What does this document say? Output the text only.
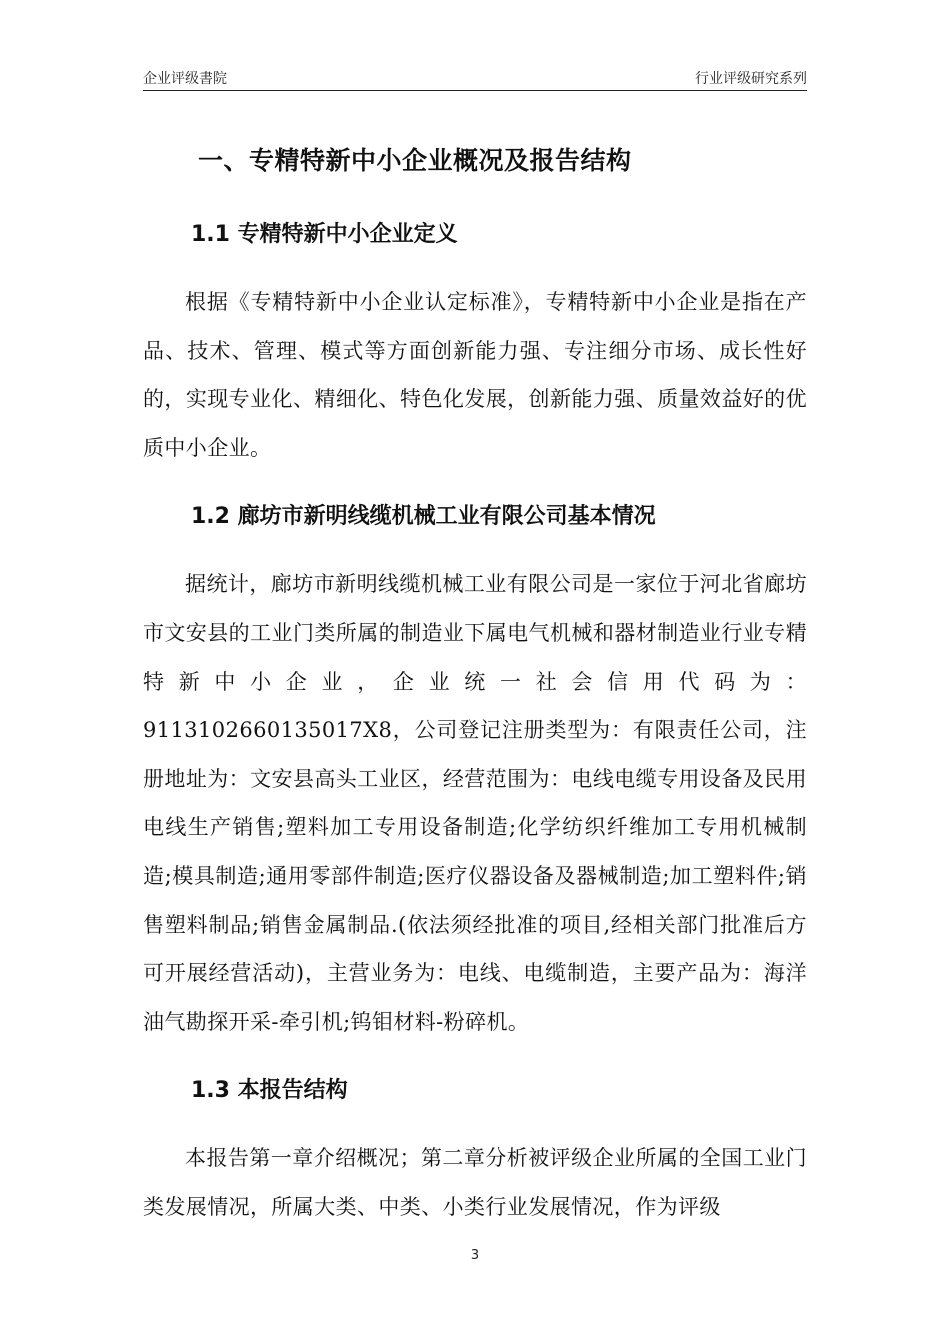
企业评级書院	行业评级研究系列
一、专精特新中小企业概况及报告结构
1.1 专精特新中小企业定义

根据《专精特新中小企业认定标准》，专精特新中小企业是指在产品、技术、管理、模式等方面创新能力强、专注细分市场、成长性好的，实现专业化、精细化、特色化发展，创新能力强、质量效益好的优质中小企业。

1.2 廊坊市新明线缆机械工业有限公司基本情况

据统计，廊坊市新明线缆机械工业有限公司是一家位于河北省廊坊市文安县的工业门类所属的制造业下属电气机械和器材制造业行业专精特新中小企业，企业统一社会信用代码为：9113102660135017X8，公司登记注册类型为：有限责任公司，注册地址为：文安县高头工业区，经营范围为：电线电缆专用设备及民用电线生产销售;塑料加工专用设备制造;化学纺织纤维加工专用机械制造;模具制造;通用零部件制造;医疗仪器设备及器械制造;加工塑料件;销售塑料制品;销售金属制品.(依法须经批准的项目,经相关部门批准后方可开展经营活动)，主营业务为：电线、电缆制造，主要产品为：海洋油气勘探开采-牵引机;钨钼材料-粉碎机。

1.3 本报告结构

本报告第一章介绍概况；第二章分析被评级企业所属的全国工业门类发展情况，所属大类、中类、小类行业发展情况，作为评级

3
